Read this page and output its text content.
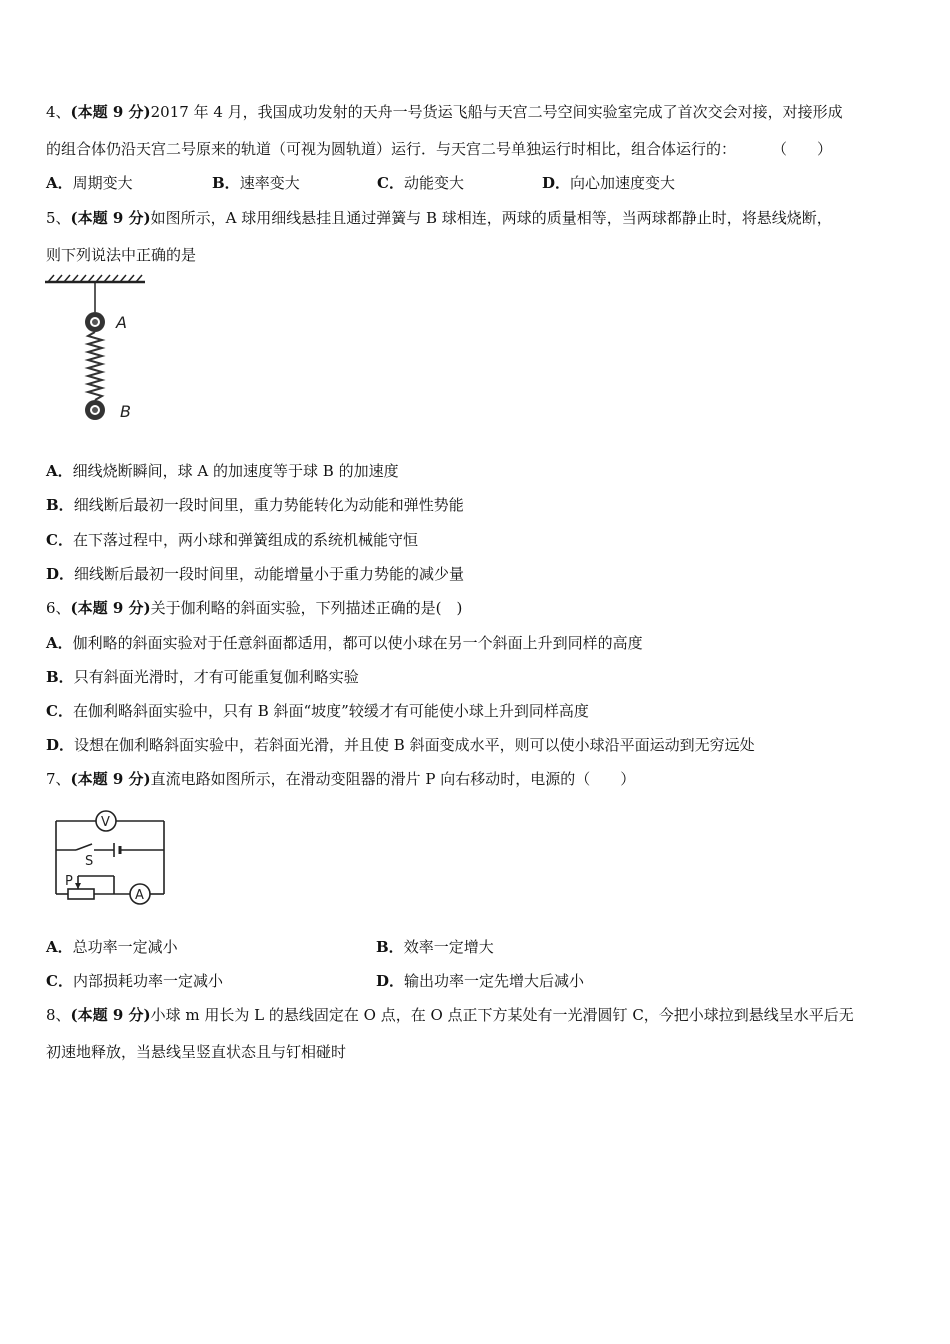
4、(本题 9 分)2017 年 4 月，我国成功发射的天舟一号货运飞船与天宫二号空间实验室完成了首次交会对接，对接形成
的组合体仍沿天宫二号原来的轨道（可视为圆轨道）运行．与天宫二号单独运行时相比，组合体运行的： （　　）
A．周期变大	B．速率变大	C．动能变大	D．向心加速度变大
5、(本题 9 分)如图所示，A 球用细线悬挂且通过弹簧与 B 球相连，两球的质量相等，当两球都静止时，将悬线烧断，
则下列说法中正确的是
A
B
A．细线烧断瞬间，球 A 的加速度等于球 B 的加速度
B．细线断后最初一段时间里，重力势能转化为动能和弹性势能
C．在下落过程中，两小球和弹簧组成的系统机械能守恒
D．细线断后最初一段时间里，动能增量小于重力势能的减少量
6、(本题 9 分)关于伽利略的斜面实验，下列描述正确的是(　)
A．伽利略的斜面实验对于任意斜面都适用，都可以使小球在另一个斜面上升到同样的高度
B．只有斜面光滑时，才有可能重复伽利略实验
C．在伽利略斜面实验中，只有 B 斜面“坡度”较缓才有可能使小球上升到同样高度
D．设想在伽利略斜面实验中，若斜面光滑，并且使 B 斜面变成水平，则可以使小球沿平面运动到无穷远处
7、(本题 9 分)直流电路如图所示，在滑动变阻器的滑片 P 向右移动时，电源的（　　）
V
A
S
P
A．总功率一定减小	B．效率一定增大
C．内部损耗功率一定减小	D．输出功率一定先增大后减小
8、(本题 9 分)小球 m 用长为 L 的悬线固定在 O 点，在 O 点正下方某处有一光滑圆钉 C，今把小球拉到悬线呈水平后无
初速地释放，当悬线呈竖直状态且与钉相碰时
